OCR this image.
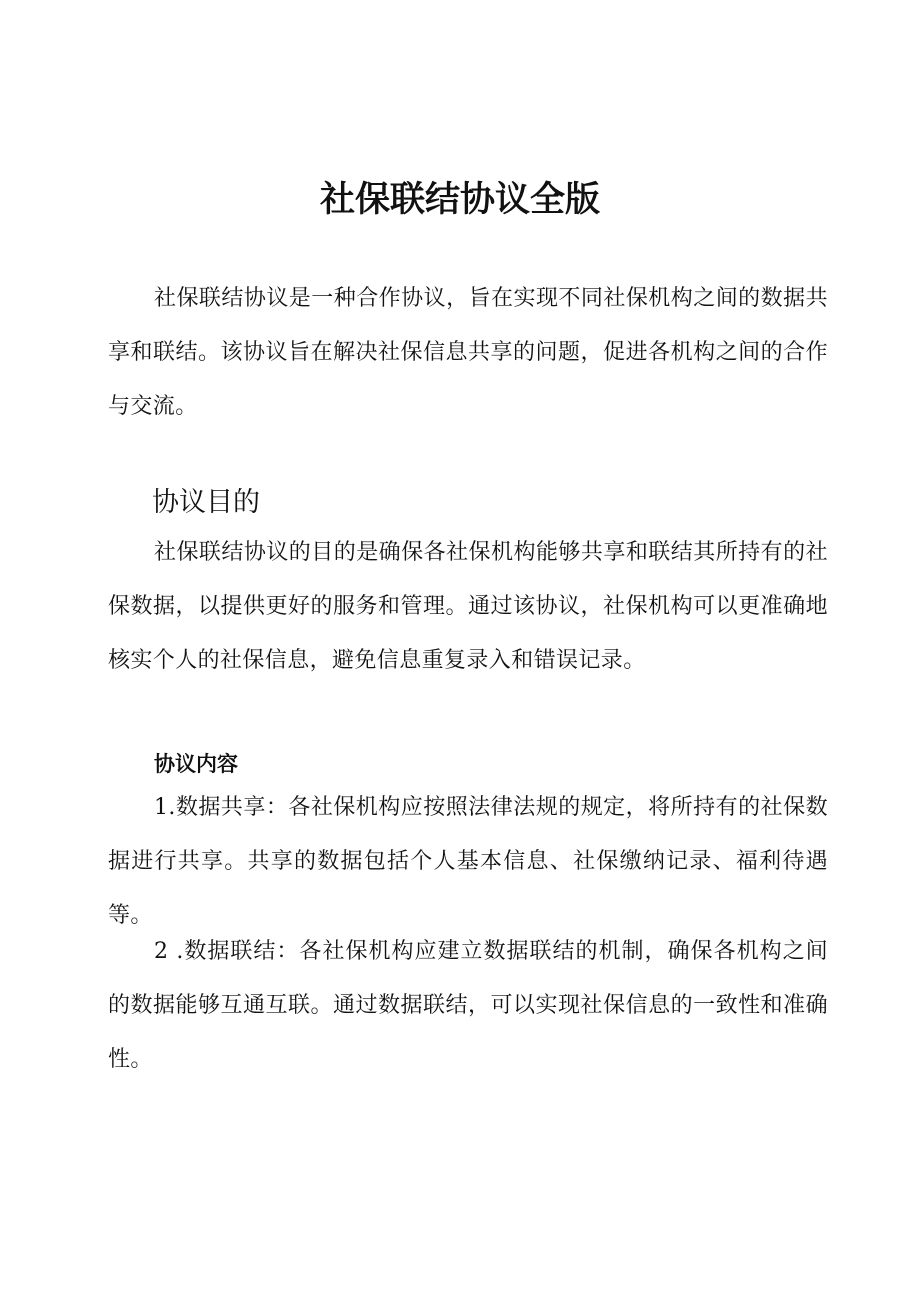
社保联结协议全版

社保联结协议是一种合作协议，旨在实现不同社保机构之间的数据共享和联结。该协议旨在解决社保信息共享的问题，促进各机构之间的合作与交流。

协议目的

社保联结协议的目的是确保各社保机构能够共享和联结其所持有的社保数据，以提供更好的服务和管理。通过该协议，社保机构可以更准确地核实个人的社保信息，避免信息重复录入和错误记录。

协议内容

1.数据共享：各社保机构应按照法律法规的规定，将所持有的社保数据进行共享。共享的数据包括个人基本信息、社保缴纳记录、福利待遇等。

2 .数据联结：各社保机构应建立数据联结的机制，确保各机构之间的数据能够互通互联。通过数据联结，可以实现社保信息的一致性和准确性。
